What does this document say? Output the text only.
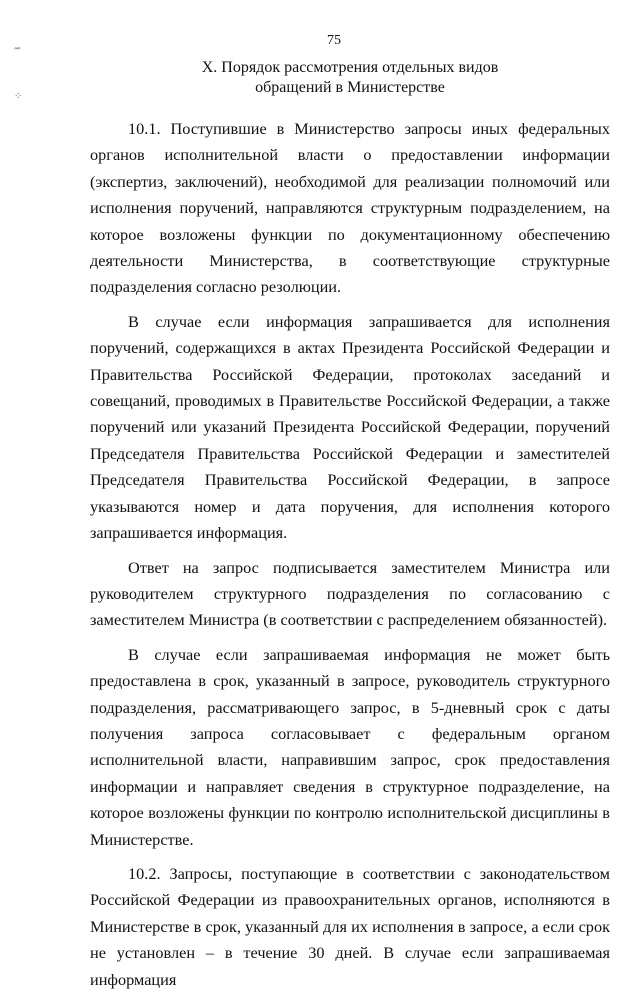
⁗
⁘
75
X. Порядок рассмотрения отдельных видов
обращений в Министерстве

10.1. Поступившие в Министерство запросы иных федеральных органов исполнительной власти о предоставлении информации (экспертиз, заключений), необходимой для реализации полномочий или исполнения поручений, направляются структурным подразделением, на которое возложены функции по документационному обеспечению деятельности Министерства, в соответствующие структурные подразделения согласно резолюции.

В случае если информация запрашивается для исполнения поручений, содержащихся в актах Президента Российской Федерации и Правительства Российской Федерации, протоколах заседаний и совещаний, проводимых в Правительстве Российской Федерации, а также поручений или указаний Президента Российской Федерации, поручений Председателя Правительства Российской Федерации и заместителей Председателя Правительства Российской Федерации, в запросе указываются номер и дата поручения, для исполнения которого запрашивается информация.

Ответ на запрос подписывается заместителем Министра или руководителем структурного подразделения по согласованию с заместителем Министра (в соответствии с распределением обязанностей).

В случае если запрашиваемая информация не может быть предоставлена в срок, указанный в запросе, руководитель структурного подразделения, рассматривающего запрос, в 5-дневный срок с даты получения запроса согласовывает с федеральным органом исполнительной власти, направившим запрос, срок предоставления информации и направляет сведения в структурное подразделение, на которое возложены функции по контролю исполнительской дисциплины в Министерстве.

10.2. Запросы, поступающие в соответствии с законодательством Российской Федерации из правоохранительных органов, исполняются в Министерстве в срок, указанный для их исполнения в запросе, а если срок не установлен – в течение 30 дней. В случае если запрашиваемая информация
